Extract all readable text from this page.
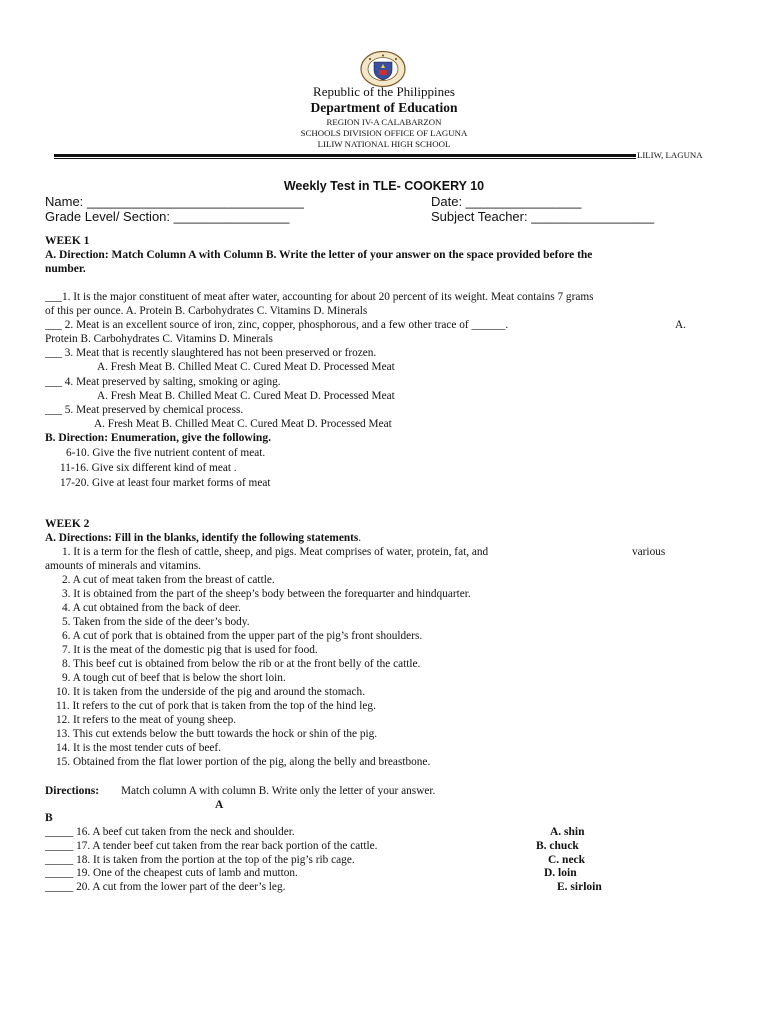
Republic of the Philippines
Department of Education
REGION IV-A CALABARZON
SCHOOLS DIVISION OFFICE OF LAGUNA
LILIW NATIONAL HIGH SCHOOL
LILIW, LAGUNA
Weekly Test in TLE- COOKERY 10
Name: ______________________________	Date: ________________
Grade Level/ Section: ________________	Subject Teacher: _________________
WEEK 1
A. Direction: Match Column A with Column B. Write the letter of your answer on the space provided before the
number.
___1. It is the major constituent of meat after water, accounting for about 20 percent of its weight. Meat contains 7 grams
of this per ounce. A. Protein B. Carbohydrates C. Vitamins D. Minerals
___ 2. Meat is an excellent source of iron, zinc, copper, phosphorous, and a few other trace of ______.	A.
Protein B. Carbohydrates C. Vitamins D. Minerals
___ 3. Meat that is recently slaughtered has not been preserved or frozen.
A. Fresh Meat B. Chilled Meat C. Cured Meat D. Processed Meat
___ 4. Meat preserved by salting, smoking or aging.
A. Fresh Meat B. Chilled Meat C. Cured Meat D. Processed Meat
___ 5. Meat preserved by chemical process.
A. Fresh Meat B. Chilled Meat C. Cured Meat D. Processed Meat
B. Direction: Enumeration, give the following.
6-10. Give the five nutrient content of meat.
11-16. Give six different kind of meat .
17-20. Give at least four market forms of meat
WEEK 2
A. Directions: Fill in the blanks, identify the following statements.
1. It is a term for the flesh of cattle, sheep, and pigs. Meat comprises of water, protein, fat, and	various
amounts of minerals and vitamins.
2. A cut of meat taken from the breast of cattle.
3. It is obtained from the part of the sheep’s body between the forequarter and hindquarter.
4. A cut obtained from the back of deer.
5. Taken from the side of the deer’s body.
6. A cut of pork that is obtained from the upper part of the pig’s front shoulders.
7. It is the meat of the domestic pig that is used for food.
8. This beef cut is obtained from below the rib or at the front belly of the cattle.
9. A tough cut of beef that is below the short loin.
10. It is taken from the underside of the pig and around the stomach.
11. It refers to the cut of pork that is taken from the top of the hind leg.
12. It refers to the meat of young sheep.
13. This cut extends below the butt towards the hock or shin of the pig.
14. It is the most tender cuts of beef.
15. Obtained from the flat lower portion of the pig, along the belly and breastbone.
Directions: Match column A with column B. Write only the letter of your answer.
A
B
_____ 16. A beef cut taken from the neck and shoulder.	A. shin
_____ 17. A tender beef cut taken from the rear back portion of the cattle.	B. chuck
_____ 18. It is taken from the portion at the top of the pig’s rib cage.	C. neck
_____ 19. One of the cheapest cuts of lamb and mutton.	D. loin
_____ 20. A cut from the lower part of the deer’s leg.	E. sirloin
